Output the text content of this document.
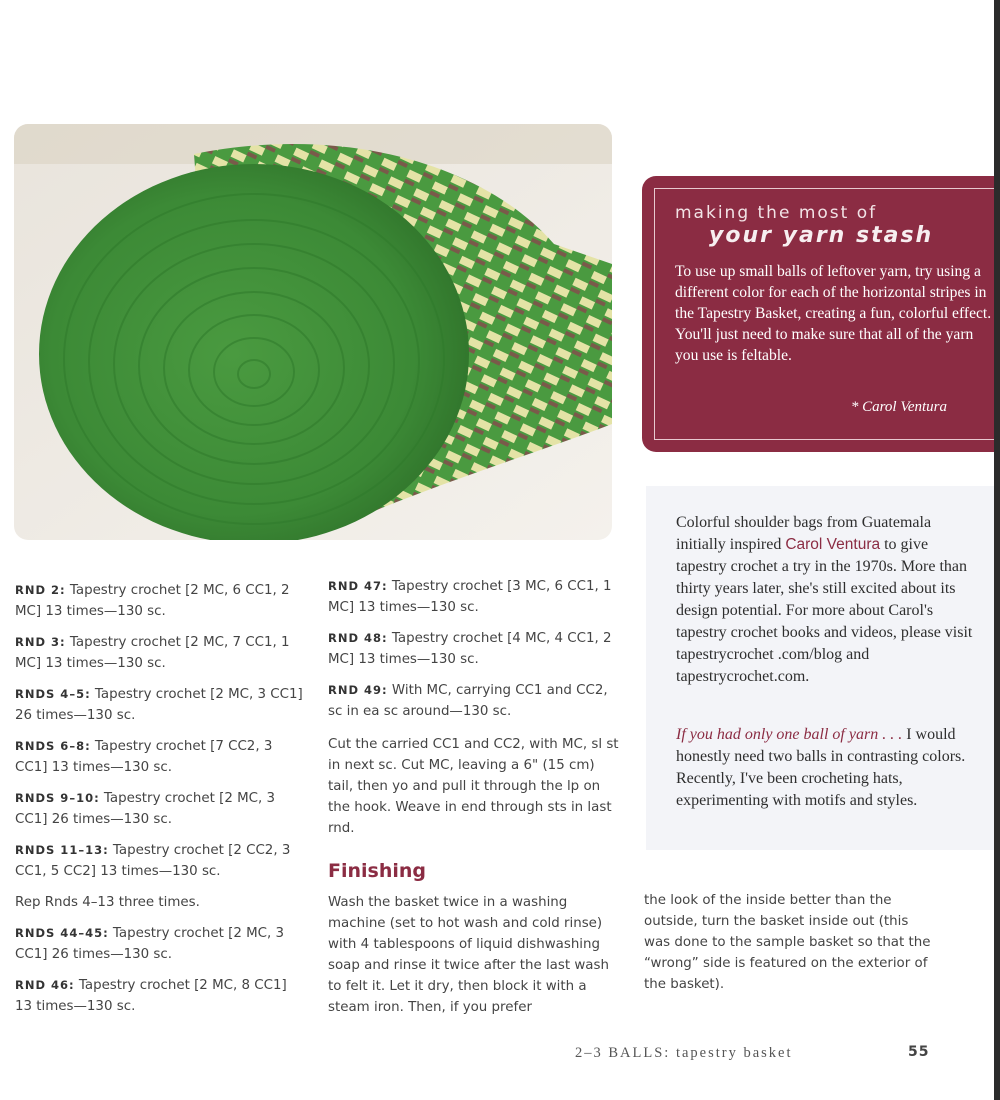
making the most of
your yarn stash
To use up small balls of leftover yarn, try using a different color for each of the horizontal stripes in the Tapestry Basket, creating a fun, colorful effect. You'll just need to make sure that all of the yarn you use is feltable.
* Carol Ventura
Colorful shoulder bags from Guatemala initially inspired Carol Ventura to give tapestry crochet a try in the 1970s. More than thirty years later, she's still excited about its design potential. For more about Carol's tapestry crochet books and videos, please visit tapestrycrochet .com/blog and tapestrycrochet.com.
If you had only one ball of yarn . . . I would honestly need two balls in contrasting colors. Recently, I've been crocheting hats, experimenting with motifs and styles.

RND 2: Tapestry crochet [2 MC, 6 CC1, 2 MC] 13 times—130 sc.

RND 3: Tapestry crochet [2 MC, 7 CC1, 1 MC] 13 times—130 sc.

RNDS 4–5: Tapestry crochet [2 MC, 3 CC1] 26 times—130 sc.

RNDS 6–8: Tapestry crochet [7 CC2, 3 CC1] 13 times—130 sc.

RNDS 9–10: Tapestry crochet [2 MC, 3 CC1] 26 times—130 sc.

RNDS 11–13: Tapestry crochet [2 CC2, 3 CC1, 5 CC2] 13 times—130 sc.

Rep Rnds 4–13 three times.

RNDS 44–45: Tapestry crochet [2 MC, 3 CC1] 26 times—130 sc.

RND 46: Tapestry crochet [2 MC, 8 CC1] 13 times—130 sc.

RND 47: Tapestry crochet [3 MC, 6 CC1, 1 MC] 13 times—130 sc.

RND 48: Tapestry crochet [4 MC, 4 CC1, 2 MC] 13 times—130 sc.

RND 49: With MC, carrying CC1 and CC2, sc in ea sc around—130 sc.

Cut the carried CC1 and CC2, with MC, sl st in next sc. Cut MC, leaving a 6" (15 cm) tail, then yo and pull it through the lp on the hook. Weave in end through sts in last rnd.
Finishing
Wash the basket twice in a washing machine (set to hot wash and cold rinse) with 4 tablespoons of liquid dishwashing soap and rinse it twice after the last wash to felt it. Let it dry, then block it with a steam iron. Then, if you prefer
the look of the inside better than the outside, turn the basket inside out (this was done to the sample basket so that the “wrong” side is featured on the exterior of the basket).
2–3 BALLS: tapestry basket	55
